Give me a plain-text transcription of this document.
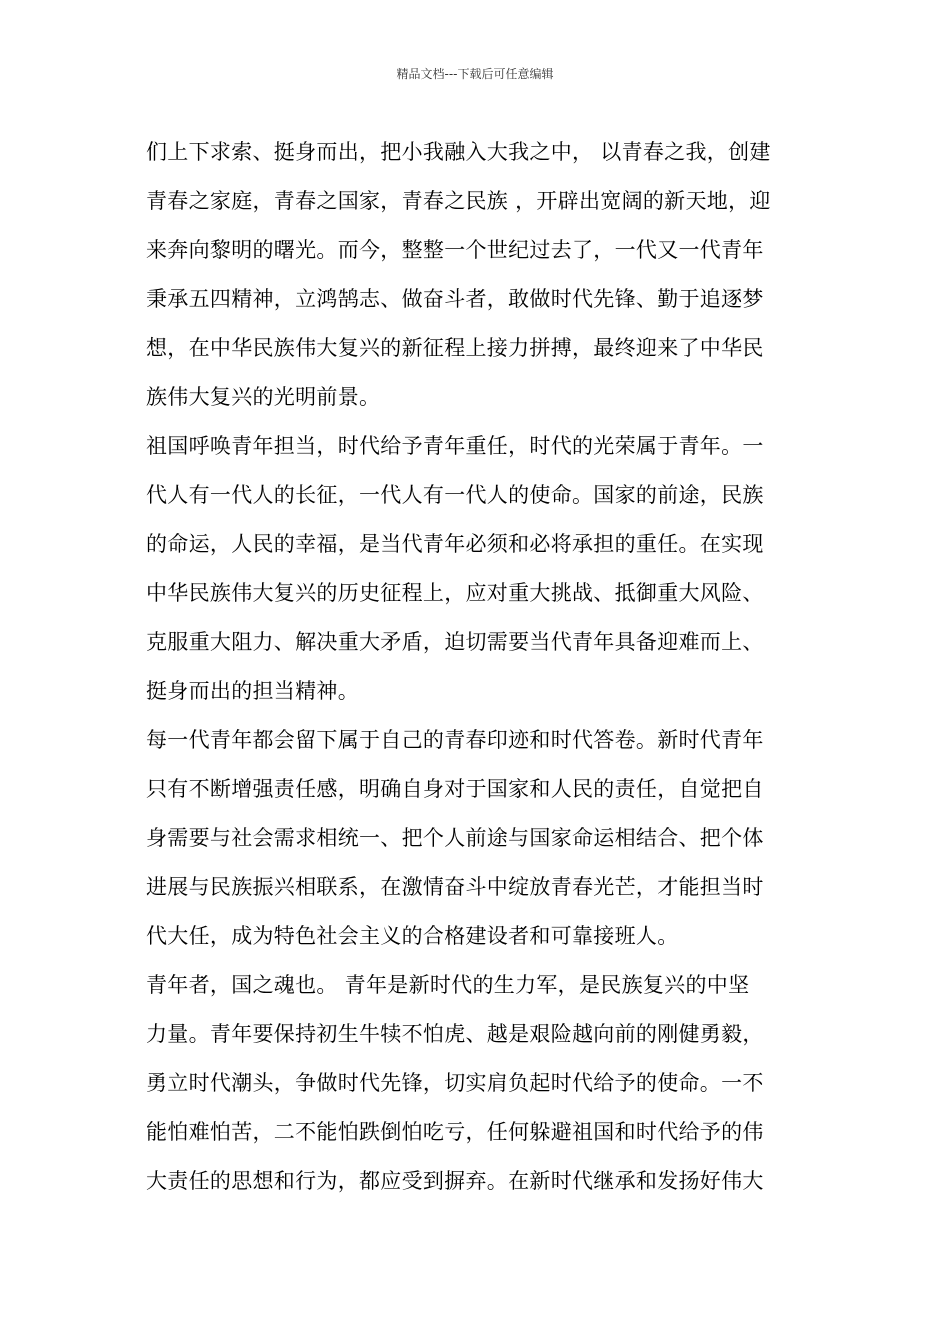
精品文档---下载后可任意编辑
们上下求索、挺身而出，把小我融入大我之中， 以青春之我，创建
青春之家庭，青春之国家，青春之民族 ，开辟出宽阔的新天地，迎
来奔向黎明的曙光。而今，整整一个世纪过去了，一代又一代青年
秉承五四精神，立鸿鹄志、做奋斗者，敢做时代先锋、勤于追逐梦
想，在中华民族伟大复兴的新征程上接力拼搏，最终迎来了中华民
族伟大复兴的光明前景。
祖国呼唤青年担当，时代给予青年重任，时代的光荣属于青年。一
代人有一代人的长征，一代人有一代人的使命。国家的前途，民族
的命运，人民的幸福，是当代青年必须和必将承担的重任。在实现
中华民族伟大复兴的历史征程上，应对重大挑战、抵御重大风险、
克服重大阻力、解决重大矛盾，迫切需要当代青年具备迎难而上、
挺身而出的担当精神。
每一代青年都会留下属于自己的青春印迹和时代答卷。新时代青年
只有不断增强责任感，明确自身对于国家和人民的责任，自觉把自
身需要与社会需求相统一、把个人前途与国家命运相结合、把个体
进展与民族振兴相联系，在激情奋斗中绽放青春光芒，才能担当时
代大任，成为特色社会主义的合格建设者和可靠接班人。
青年者，国之魂也。 青年是新时代的生力军，是民族复兴的中坚
力量。青年要保持初生牛犊不怕虎、越是艰险越向前的刚健勇毅，
勇立时代潮头，争做时代先锋，切实肩负起时代给予的使命。一不
能怕难怕苦，二不能怕跌倒怕吃亏，任何躲避祖国和时代给予的伟
大责任的思想和行为，都应受到摒弃。在新时代继承和发扬好伟大
